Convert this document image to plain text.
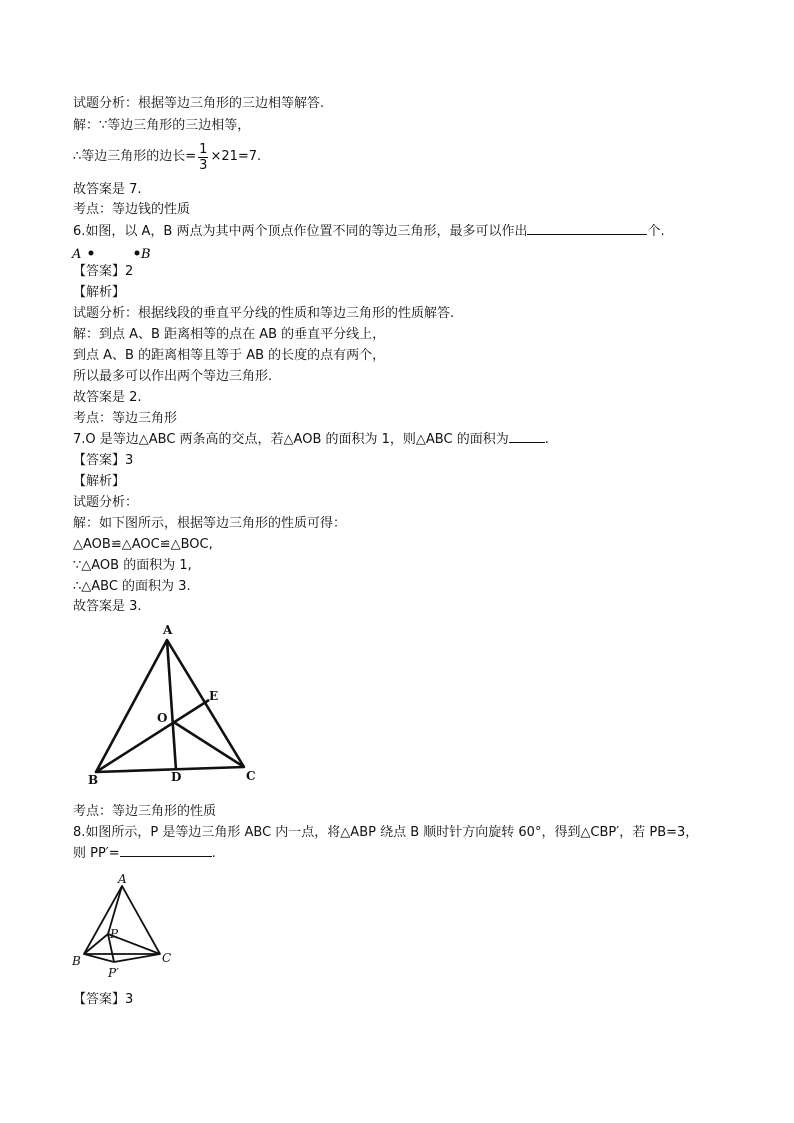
试题分析：根据等边三角形的三边相等解答.
解：∵等边三角形的三边相等，
∴等边三角形的边长= $\frac{1}{3} \times 21=7$.
故答案是 7.
考点：等边钱的性质
6.如图，以 A，B 两点为其中两个顶点作位置不同的等边三角形，最多可以作出	个.
A	B
【答案】2
【解析】
试题分析：根据线段的垂直平分线的性质和等边三角形的性质解答.
解：到点 A、B 距离相等的点在 AB 的垂直平分线上，
到点 A、B 的距离相等且等于 AB 的长度的点有两个，
所以最多可以作出两个等边三角形.
故答案是 2.
考点：等边三角形
7.O 是等边△ABC 两条高的交点，若△AOB 的面积为 1，则△ABC 的面积为	.
【答案】3
【解析】
试题分析：
解：如下图所示，根据等边三角形的性质可得：
△AOB≌△AOC≌△BOC,
∵△AOB 的面积为 1,
∴△ABC 的面积为 3.
故答案是 3.
A
B	C
D
E
O
考点：等边三角形的性质
8.如图所示，P 是等边三角形 ABC 内一点，将△ABP 绕点 B 顺时针方向旋转 60°，得到△CBP′，若 PB=3，
则 PP′=	.
A
B	C
P
P′
【答案】3
